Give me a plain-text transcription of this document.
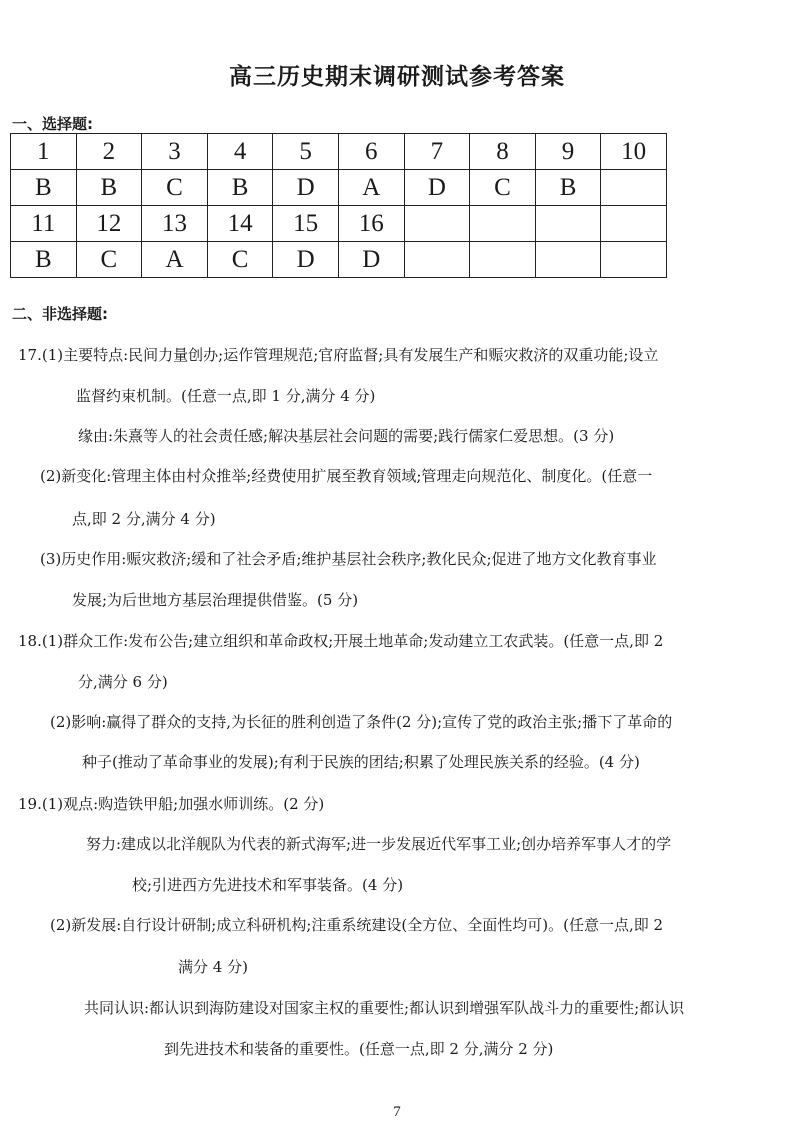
高三历史期末调研测试参考答案
一、选择题:
1	2	3	4	5	6	7	8	9	10
B	B	C	B	D	A	D	C	B	
11	12	13	14	15	16				
B	C	A	C	D	D				
二、非选择题:
17.(1)主要特点:民间力量创办;运作管理规范;官府监督;具有发展生产和赈灾救济的双重功能;设立
监督约束机制。(任意一点,即 1 分,满分 4 分)
缘由:朱熹等人的社会责任感;解决基层社会问题的需要;践行儒家仁爱思想。(3 分)
(2)新变化:管理主体由村众推举;经费使用扩展至教育领域;管理走向规范化、制度化。(任意一
点,即 2 分,满分 4 分)
(3)历史作用:赈灾救济;缓和了社会矛盾;维护基层社会秩序;教化民众;促进了地方文化教育事业
发展;为后世地方基层治理提供借鉴。(5 分)
18.(1)群众工作:发布公告;建立组织和革命政权;开展土地革命;发动建立工农武装。(任意一点,即 2
分,满分 6 分)
(2)影响:赢得了群众的支持,为长征的胜利创造了条件(2 分);宣传了党的政治主张;播下了革命的
种子(推动了革命事业的发展);有利于民族的团结;积累了处理民族关系的经验。(4 分)
19.(1)观点:购造铁甲船;加强水师训练。(2 分)
努力:建成以北洋舰队为代表的新式海军;进一步发展近代军事工业;创办培养军事人才的学
校;引进西方先进技术和军事装备。(4 分)
(2)新发展:自行设计研制;成立科研机构;注重系统建设(全方位、全面性均可)。(任意一点,即 2
满分 4 分)
共同认识:都认识到海防建设对国家主权的重要性;都认识到增强军队战斗力的重要性;都认识
到先进技术和装备的重要性。(任意一点,即 2 分,满分 2 分)
7
